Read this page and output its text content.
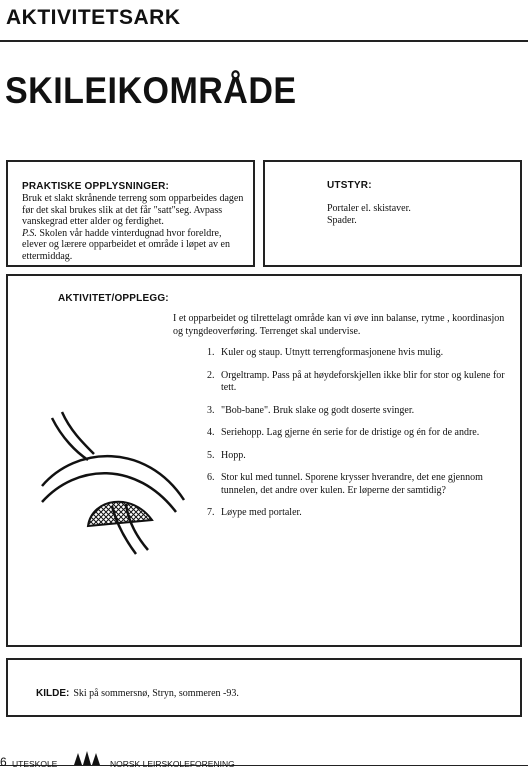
AKTIVITETSARK
SKILEIKOMRÅDE
PRAKTISKE OPPLYSNINGER:
Bruk et slakt skrånende terreng som opparbeides dagen
før det skal brukes slik at det får "satt"seg. Avpass
vanskegrad etter alder og ferdighet.
P.S. Skolen vår hadde vinterdugnad hvor foreldre,
elever og lærere opparbeidet et område i løpet av en
ettermiddag.
UTSTYR:
Portaler el. skistaver.
Spader.
AKTIVITET/OPPLEGG:
I et opparbeidet og tilrettelagt område kan vi øve inn balanse, rytme , koordinasjon
og tyngdeoverføring. Terrenget skal undervise.
1. Kuler og staup. Utnytt terrengformasjonene hvis mulig.
2. Orgeltramp. Pass på at høydeforskjellen ikke blir for stor og kulene for
tett.
3. "Bob-bane". Bruk slake og godt doserte svinger.
4. Seriehopp. Lag gjerne én serie for de dristige og én for de andre.
5. Hopp.
6. Stor kul med tunnel. Sporene krysser hverandre, det ene gjennom
tunnelen, det andre over kulen. Er løperne der samtidig?
7. Løype med portaler.
KILDE: Ski på sommersnø, Stryn, sommeren -93.
6 UTESKOLE	NORSK LEIRSKOLEFORENING
